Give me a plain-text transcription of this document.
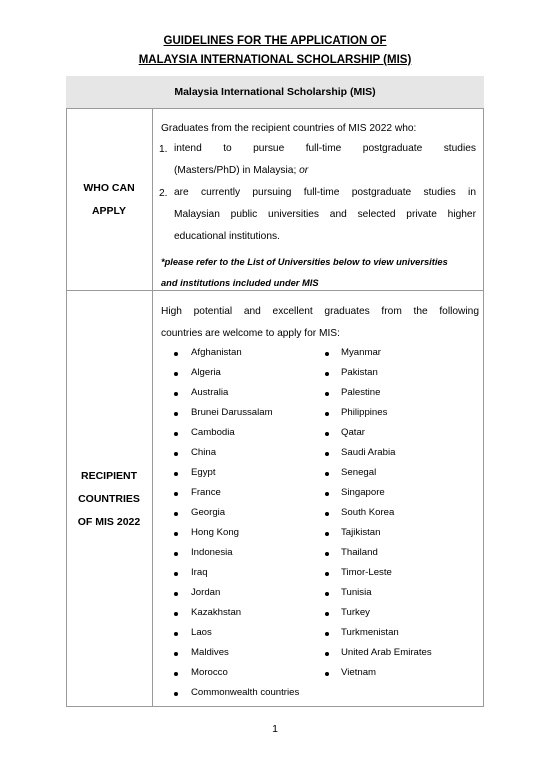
GUIDELINES FOR THE APPLICATION OF
MALAYSIA INTERNATIONAL SCHOLARSHIP (MIS)
Malaysia International Scholarship (MIS)
WHO CAN
APPLY
Graduates from the recipient countries of MIS 2022 who:
1. intend to pursue full-time postgraduate studies
(Masters/PhD) in Malaysia; or
2. are currently pursuing full-time postgraduate studies in
Malaysian public universities and selected private higher
educational institutions.
*please refer to the List of Universities below to view universities
and institutions included under MIS
RECIPIENT
COUNTRIES
OF MIS 2022
High potential and excellent graduates from the following
countries are welcome to apply for MIS:
Afghanistan
Algeria
Australia
Brunei Darussalam
Cambodia
China
Egypt
France
Georgia
Hong Kong
Indonesia
Iraq
Jordan
Kazakhstan
Laos
Maldives
Morocco
Commonwealth countries
Myanmar
Pakistan
Palestine
Philippines
Qatar
Saudi Arabia
Senegal
Singapore
South Korea
Tajikistan
Thailand
Timor-Leste
Tunisia
Turkey
Turkmenistan
United Arab Emirates
Vietnam
1
